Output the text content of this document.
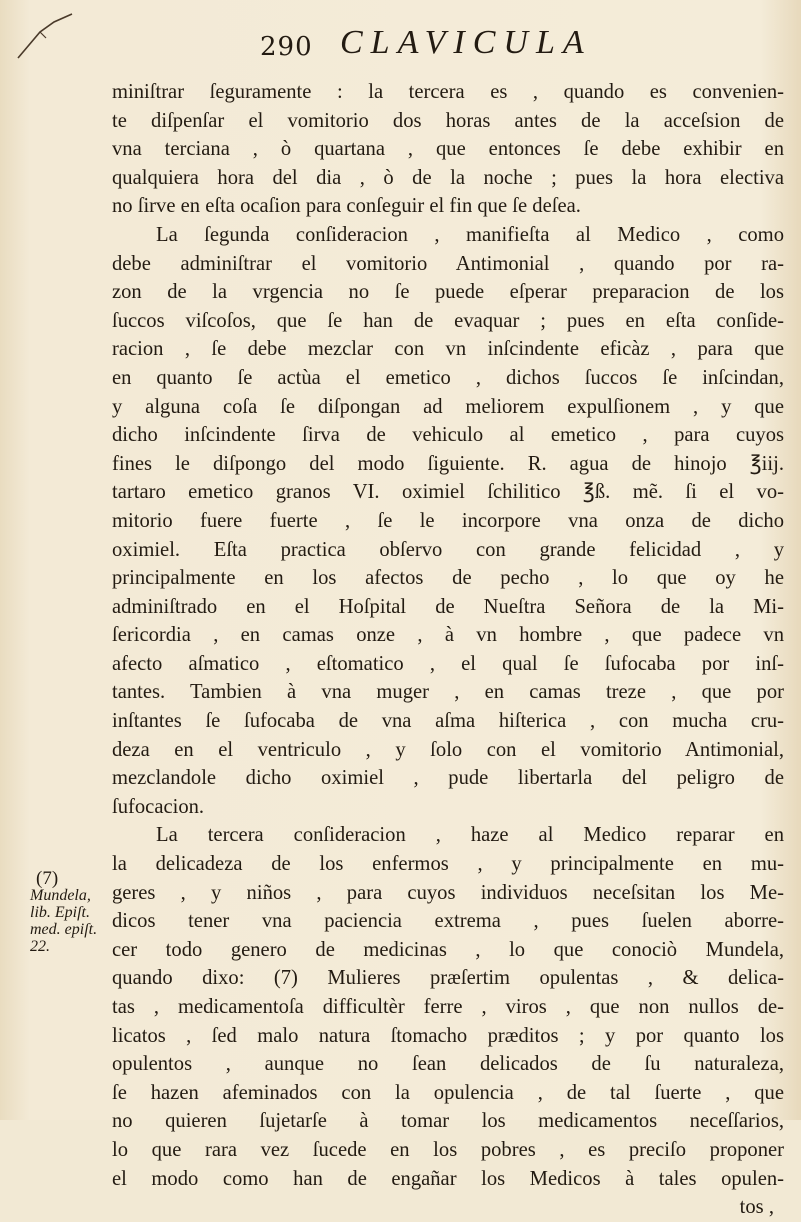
290 CLAVICULA
miniſtrar ſeguramente : la tercera es , quando es convenien-
te diſpenſar el vomitorio dos horas antes de la acceſsion de
vna terciana , ò quartana , que entonces ſe debe exhibir en
qualquiera hora del dia , ò de la noche ; pues la hora electiva
no ſirve en eſta ocaſion para conſeguir el fin que ſe deſea.
La ſegunda conſideracion , manifieſta al Medico , como
debe adminiſtrar el vomitorio Antimonial , quando por ra-
zon de la vrgencia no ſe puede eſperar preparacion de los
ſuccos viſcoſos, que ſe han de evaquar ; pues en eſta conſide-
racion , ſe debe mezclar con vn inſcindente eficàz , para que
en quanto ſe actùa el emetico , dichos ſuccos ſe inſcindan,
y alguna coſa ſe diſpongan ad meliorem expulſionem , y que
dicho inſcindente ſirva de vehiculo al emetico , para cuyos
fines le diſpongo del modo ſiguiente. R. agua de hinojo ℥iij.
tartaro emetico granos VI. oximiel ſchilitico ℥ß. mẽ. ſi el vo-
mitorio fuere fuerte , ſe le incorpore vna onza de dicho
oximiel. Eſta practica obſervo con grande felicidad , y
principalmente en los afectos de pecho , lo que oy he
adminiſtrado en el Hoſpital de Nueſtra Señora de la Mi-
ſericordia , en camas onze , à vn hombre , que padece vn
afecto aſmatico , eſtomatico , el qual ſe ſufocaba por inſ-
tantes. Tambien à vna muger , en camas treze , que por
inſtantes ſe ſufocaba de vna aſma hiſterica , con mucha cru-
deza en el ventriculo , y ſolo con el vomitorio Antimonial,
mezclandole dicho oximiel , pude libertarla del peligro de
ſufocacion.
La tercera conſideracion , haze al Medico reparar en
la delicadeza de los enfermos , y principalmente en mu-
geres , y niños , para cuyos individuos neceſsitan los Me-
dicos tener vna paciencia extrema , pues ſuelen aborre-
cer todo genero de medicinas , lo que conociò Mundela,
quando dixo: (7) Mulieres præſertim opulentas , & delica-
tas , medicamentoſa difficultèr ferre , viros , que non nullos de-
licatos , ſed malo natura ſtomacho præditos ; y por quanto los
opulentos , aunque no ſean delicados de ſu naturaleza,
ſe hazen afeminados con la opulencia , de tal ſuerte , que
no quieren ſujetarſe à tomar los medicamentos neceſſarios,
lo que rara vez ſucede en los pobres , es preciſo proponer
el modo como han de engañar los Medicos à tales opulen-
tos ,
(7)
Mundela,
lib. Epiſt.
med. epiſt.
22.
